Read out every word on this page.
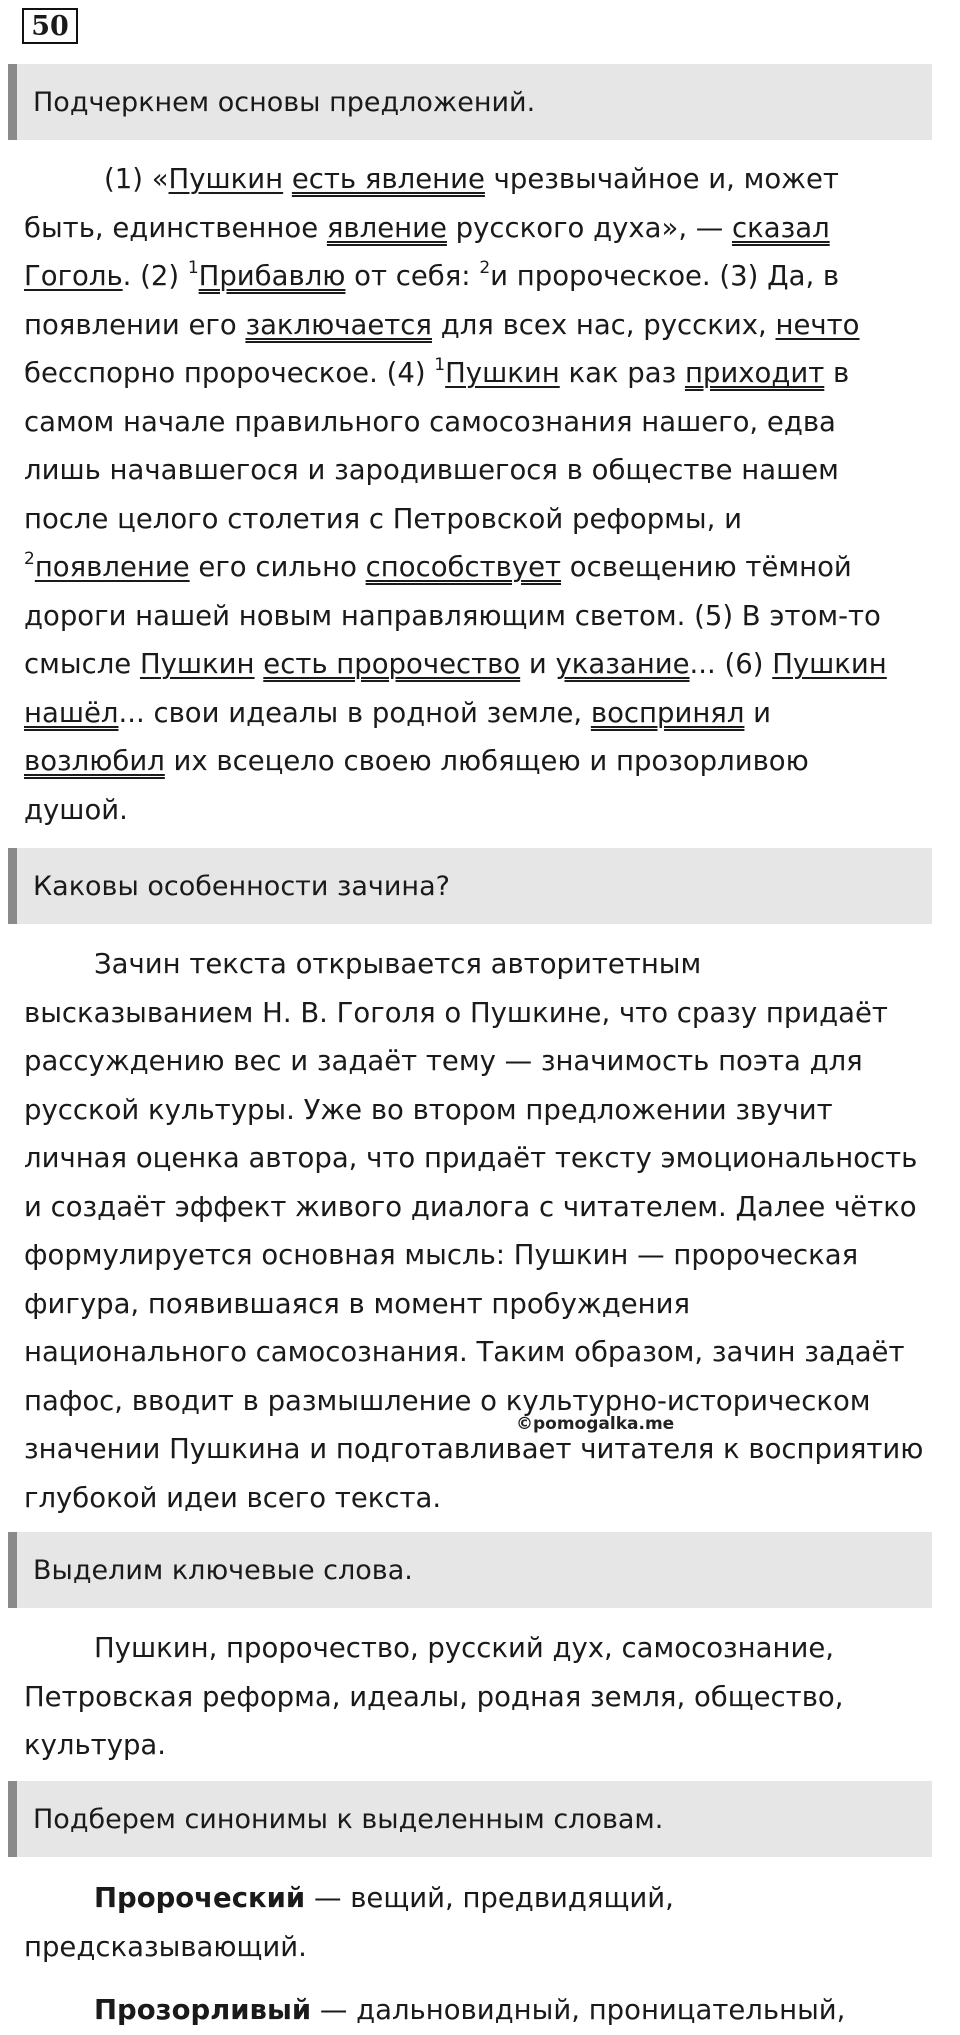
50
Подчеркнем основы предложений.
(1) «Пушкин есть явление чрезвычайное и, может
быть, единственное явление русского духа», — сказал
Гоголь. (2) $^1$Прибавлю от себя: $^2$и пророческое. (3) Да, в
появлении его заключается для всех нас, русских, нечто
бесспорно пророческое. (4) $^1$Пушкин как раз приходит в
самом начале правильного самосознания нашего, едва
лишь начавшегося и зародившегося в обществе нашем
после целого столетия с Петровской реформы, и
$^2$появление его сильно способствует освещению тёмной
дороги нашей новым направляющим светом. (5) В этом-то
смысле Пушкин есть пророчество и указание... (6) Пушкин
нашёл... свои идеалы в родной земле, воспринял и
возлюбил их всецело своею любящею и прозорливою
душой.
Каковы особенности зачина?
Зачин текста открывается авторитетным
высказыванием Н. В. Гоголя о Пушкине, что сразу придаёт
рассуждению вес и задаёт тему — значимость поэта для
русской культуры. Уже во втором предложении звучит
личная оценка автора, что придаёт тексту эмоциональность
и создаёт эффект живого диалога с читателем. Далее чётко
формулируется основная мысль: Пушкин — пророческая
фигура, появившаяся в момент пробуждения
национального самосознания. Таким образом, зачин задаёт
пафос, вводит в размышление о культурно-историческом
значении Пушкина и подготавливает читателя к восприятию
глубокой идеи всего текста.
©pomogalka.me
Выделим ключевые слова.
Пушкин, пророчество, русский дух, самосознание,
Петровская реформа, идеалы, родная земля, общество,
культура.
Подберем синонимы к выделенным словам.
Пророческий — вещий, предвидящий,
предсказывающий.
Прозорливый — дальновидный, проницательный,
